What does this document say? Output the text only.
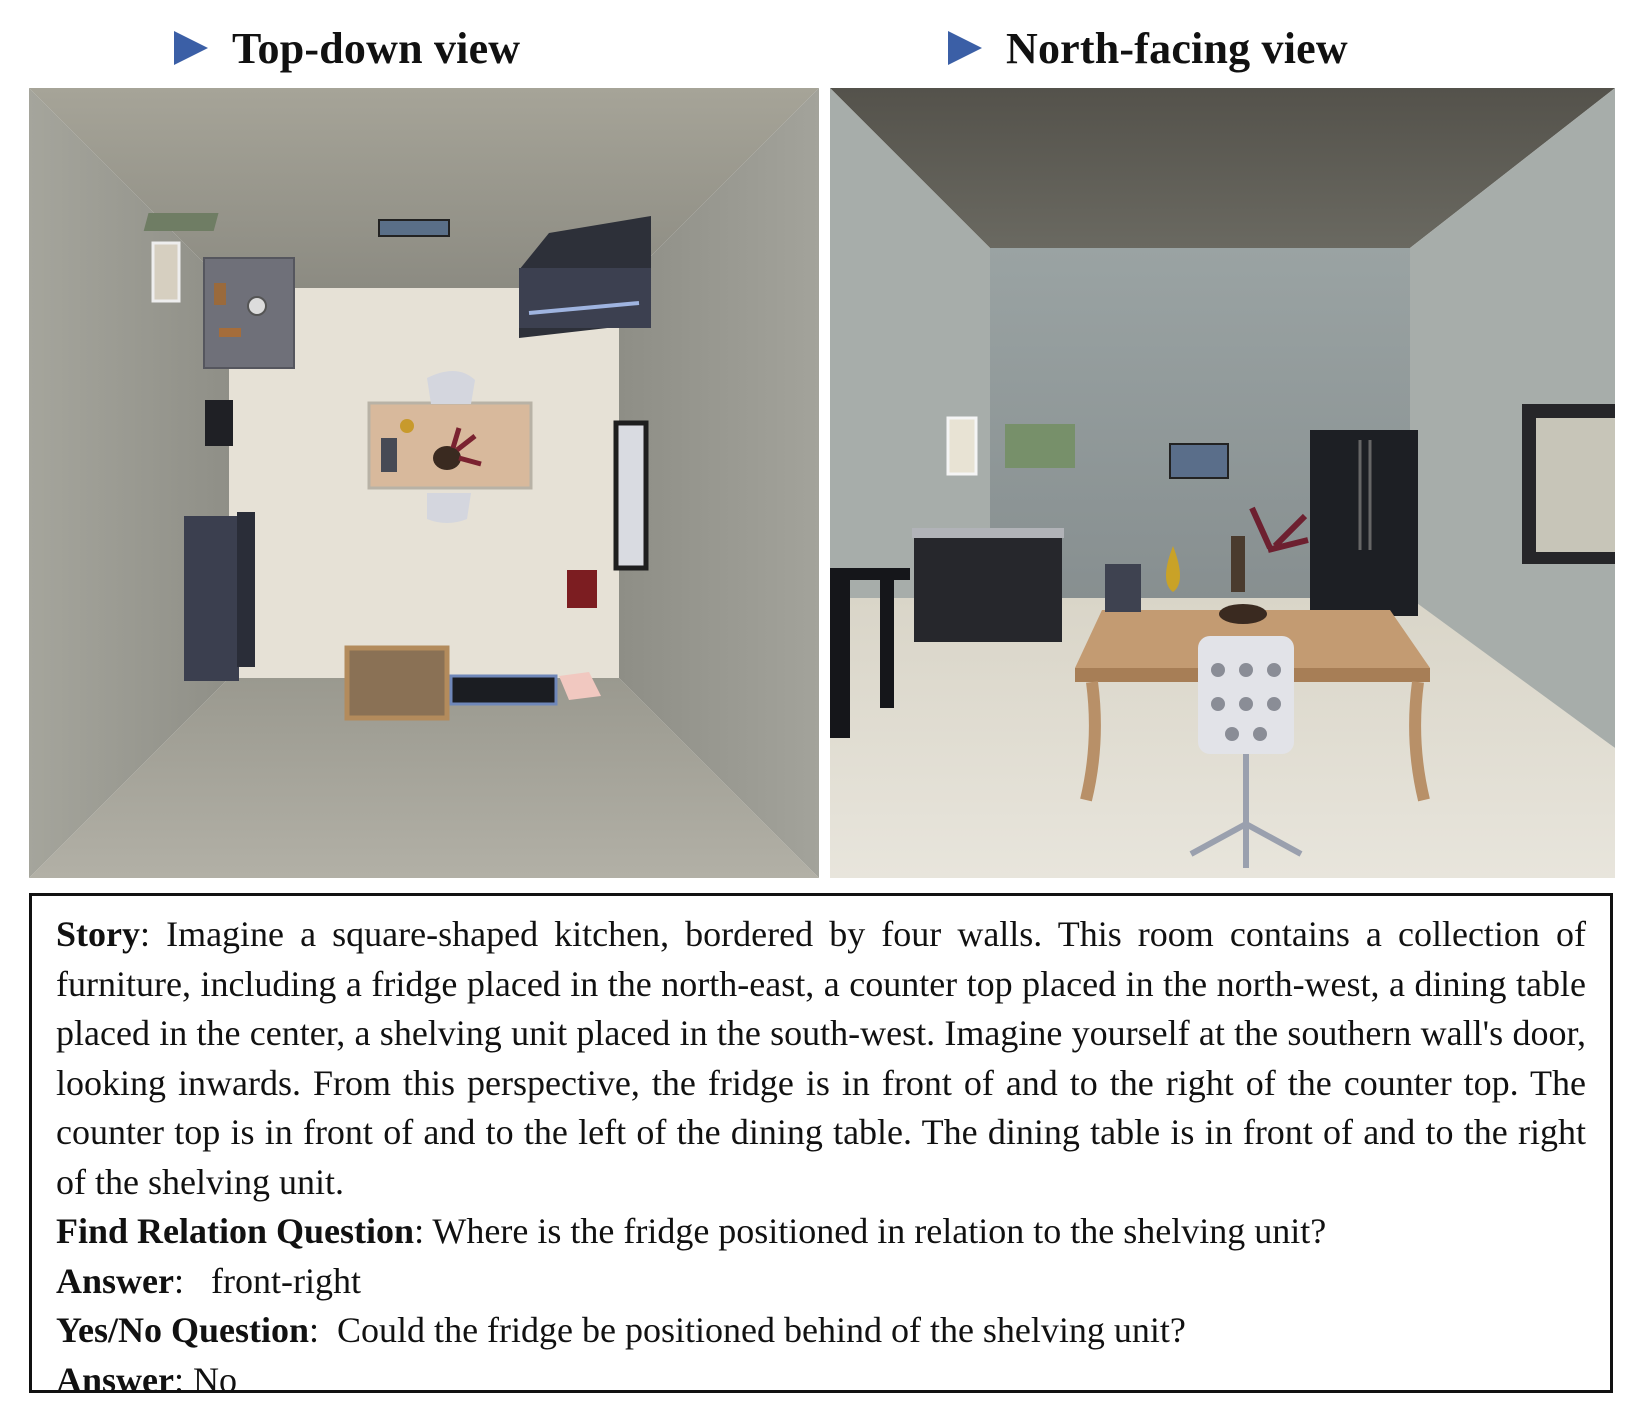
Top-down view	North-facing view

Story: Imagine a square-shaped kitchen, bordered by four walls. This room contains a collection of furniture, including a fridge placed in the north-east, a counter top placed in the north-west, a dining table placed in the center, a shelving unit placed in the south-west. Imagine yourself at the southern wall's door, looking inwards. From this perspective, the fridge is in front of and to the right of the counter top. The counter top is in front of and to the left of the dining table. The dining table is in front of and to the right of the shelving unit.

Find Relation Question: Where is the fridge positioned in relation to the shelving unit?

Answer:   front-right

Yes/No Question:  Could the fridge be positioned behind of the shelving unit?

Answer: No
